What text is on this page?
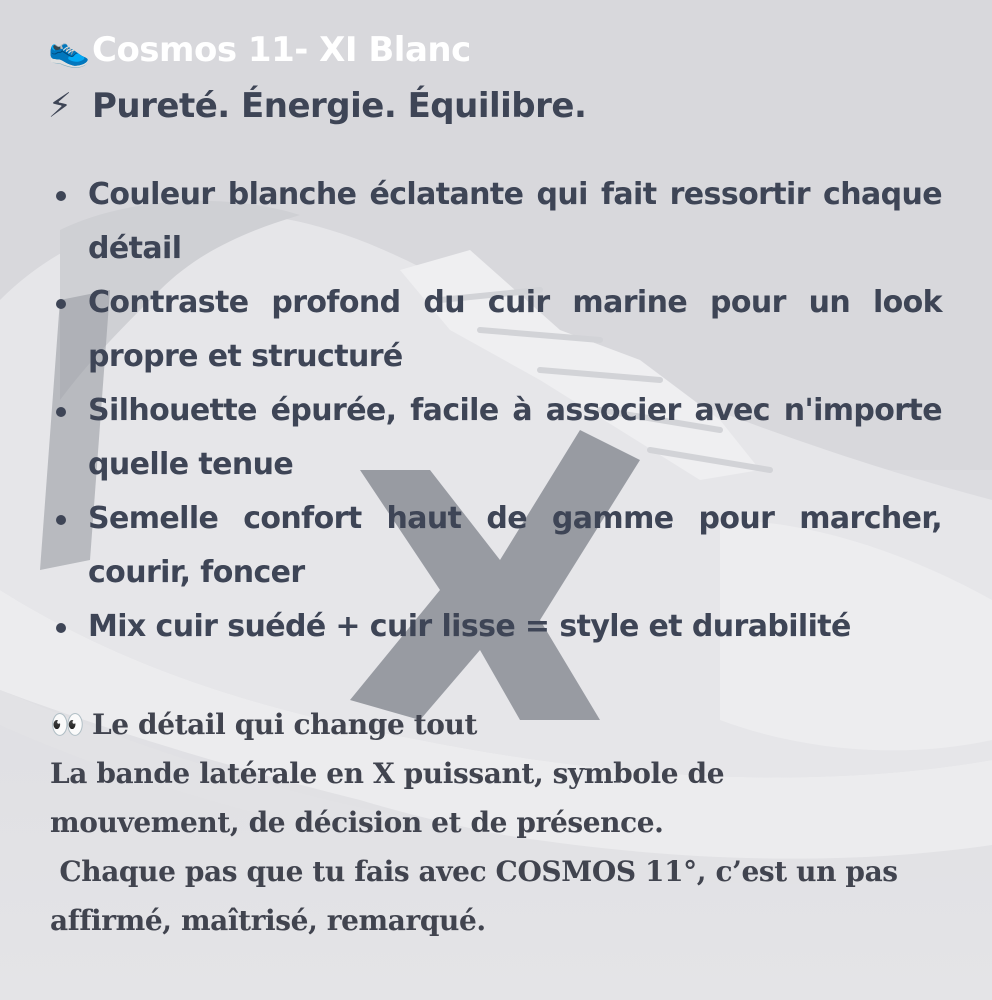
👟Cosmos 11- XI Blanc
⚡ Pureté. Énergie. Équilibre.
Couleur blanche éclatante qui fait ressortir chaque détail
Contraste profond du cuir marine pour un look propre et structuré
Silhouette épurée, facile à associer avec n'importe quelle tenue
Semelle confort haut de gamme pour marcher, courir, foncer
Mix cuir suédé + cuir lisse = style et durabilité
👀 Le détail qui change tout
La bande latérale en X puissant, symbole de
mouvement, de décision et de présence.
Chaque pas que tu fais avec COSMOS 11°, c’est un pas
affirmé, maîtrisé, remarqué.
